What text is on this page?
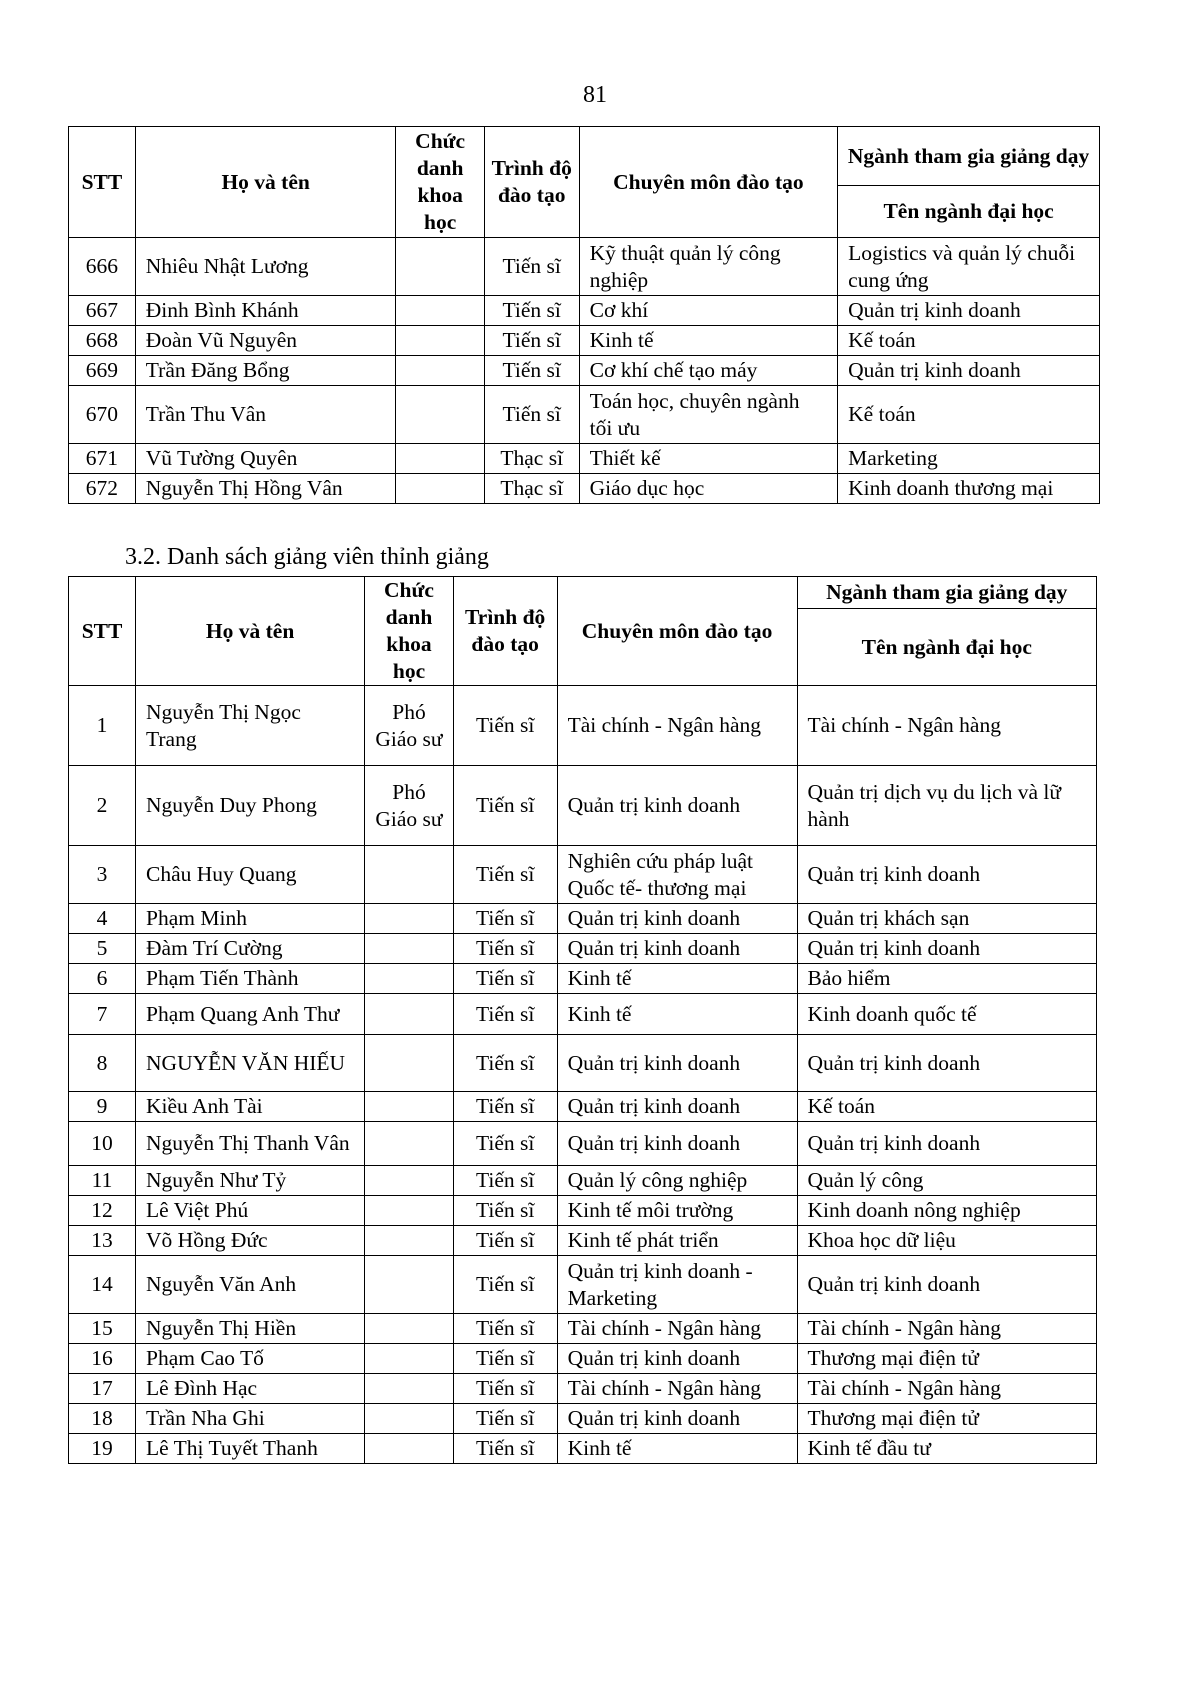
81
STT	Họ và tên	Chức danh khoa học	Trình độ đào tạo	Chuyên môn đào tạo	Ngành tham gia giảng dạy
					Tên ngành đại học
666	Nhiêu Nhật Lương		Tiến sĩ	Kỹ thuật quản lý công nghiệp	Logistics và quản lý chuỗi cung ứng
667	Đinh Bình Khánh		Tiến sĩ	Cơ khí	Quản trị kinh doanh
668	Đoàn Vũ Nguyên		Tiến sĩ	Kinh tế	Kế toán
669	Trần Đăng Bổng		Tiến sĩ	Cơ khí chế tạo máy	Quản trị kinh doanh
670	Trần Thu Vân		Tiến sĩ	Toán học, chuyên ngành tối ưu	Kế toán
671	Vũ Tường Quyên		Thạc sĩ	Thiết kế	Marketing
672	Nguyễn Thị Hồng Vân		Thạc sĩ	Giáo dục học	Kinh doanh thương mại
3.2. Danh sách giảng viên thỉnh giảng
STT	Họ và tên	Chức danh khoa học	Trình độ đào tạo	Chuyên môn đào tạo	Ngành tham gia giảng dạy
					Tên ngành đại học
1	Nguyễn Thị Ngọc Trang	Phó Giáo sư	Tiến sĩ	Tài chính - Ngân hàng	Tài chính - Ngân hàng
2	Nguyễn Duy Phong	Phó Giáo sư	Tiến sĩ	Quản trị kinh doanh	Quản trị dịch vụ du lịch và lữ hành
3	Châu Huy Quang		Tiến sĩ	Nghiên cứu pháp luật Quốc tế- thương mại	Quản trị kinh doanh
4	Phạm Minh		Tiến sĩ	Quản trị kinh doanh	Quản trị khách sạn
5	Đàm Trí Cường		Tiến sĩ	Quản trị kinh doanh	Quản trị kinh doanh
6	Phạm Tiến Thành		Tiến sĩ	Kinh tế	Bảo hiểm
7	Phạm Quang Anh Thư		Tiến sĩ	Kinh tế	Kinh doanh quốc tế
8	NGUYỄN VĂN HIẾU		Tiến sĩ	Quản trị kinh doanh	Quản trị kinh doanh
9	Kiều Anh Tài		Tiến sĩ	Quản trị kinh doanh	Kế toán
10	Nguyễn Thị Thanh Vân		Tiến sĩ	Quản trị kinh doanh	Quản trị kinh doanh
11	Nguyễn Như Tỷ		Tiến sĩ	Quản lý công nghiệp	Quản lý công
12	Lê Việt Phú		Tiến sĩ	Kinh tế môi trường	Kinh doanh nông nghiệp
13	Võ Hồng Đức		Tiến sĩ	Kinh tế phát triển	Khoa học dữ liệu
14	Nguyễn Văn Anh		Tiến sĩ	Quản trị kinh doanh - Marketing	Quản trị kinh doanh
15	Nguyễn Thị Hiền		Tiến sĩ	Tài chính - Ngân hàng	Tài chính - Ngân hàng
16	Phạm Cao Tố		Tiến sĩ	Quản trị kinh doanh	Thương mại điện tử
17	Lê Đình Hạc		Tiến sĩ	Tài chính - Ngân hàng	Tài chính - Ngân hàng
18	Trần Nha Ghi		Tiến sĩ	Quản trị kinh doanh	Thương mại điện tử
19	Lê Thị Tuyết Thanh		Tiến sĩ	Kinh tế	Kinh tế đầu tư
